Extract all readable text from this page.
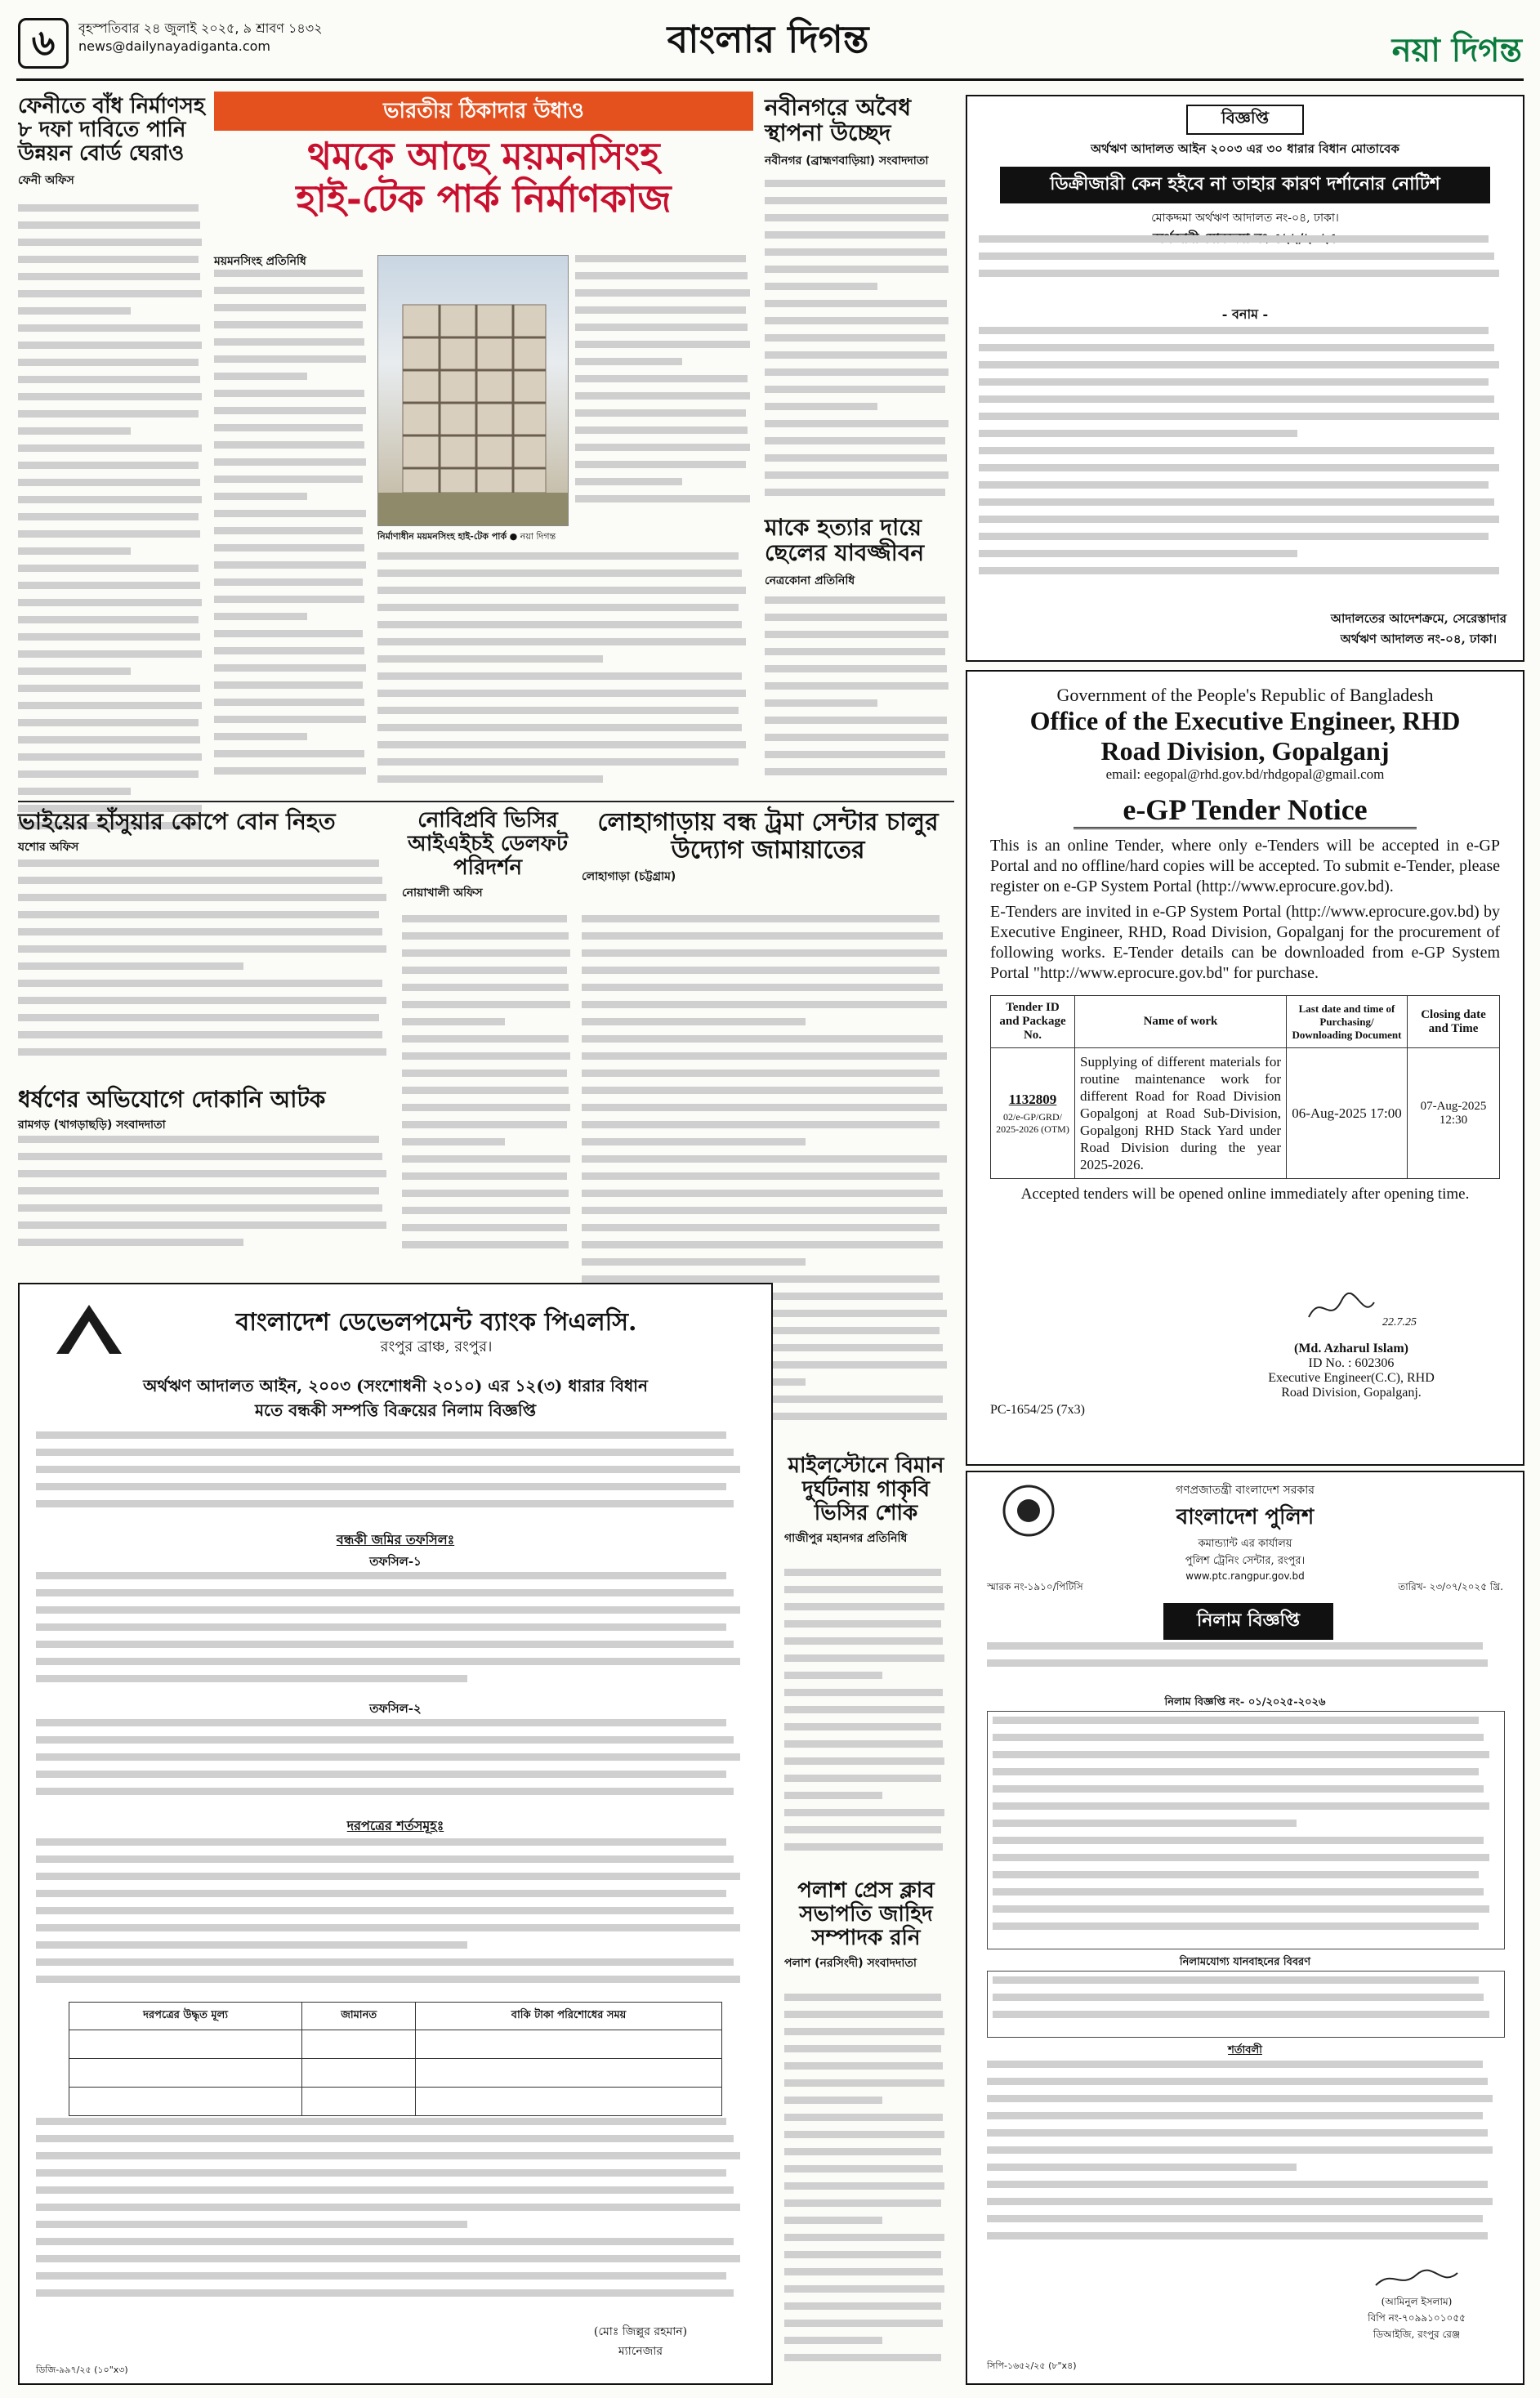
৬	বৃহস্পতিবার ২৪ জুলাই ২০২৫, ৯ শ্রাবণ ১৪৩২
news@dailynayadiganta.com	বাংলার দিগন্ত	নয়া দিগন্ত
ফেনীতে বাঁধ নির্মাণসহ ৮ দফা দাবিতে পানি উন্নয়ন বোর্ড ঘেরাও
ফেনী অফিস
ভারতীয় ঠিকাদার উধাও
থমকে আছে ময়মনসিংহ
হাই-টেক পার্ক নির্মাণকাজ
ময়মনসিংহ প্রতিনিধি
নির্মাণাধীন ময়মনসিংহ হাই-টেক পার্ক ● নয়া দিগন্ত
নবীনগরে অবৈধ স্থাপনা উচ্ছেদ
নবীনগর (ব্রাহ্মণবাড়িয়া) সংবাদদাতা
মাকে হত্যার দায়ে ছেলের যাবজ্জীবন
নেত্রকোনা প্রতিনিধি
বিজ্ঞপ্তি
অর্থঋণ আদালত আইন ২০০৩ এর ৩০ ধারার বিধান মোতাবেক
ডিক্রীজারী কেন হইবে না তাহার কারণ দর্শানোর নোটিশ
মোকদ্দমা অর্থঋণ আদালত নং-০৪, ঢাকা।
- বনাম -
আদালতের আদেশক্রমে, সেরেস্তাদার
অর্থঋণ আদালত নং-০৪, ঢাকা।
ভাইয়ের হাঁসুয়ার কোপে বোন নিহত
যশোর অফিস
নোবিপ্রবি ভিসির আইএইচই ডেলফট পরিদর্শন
নোয়াখালী অফিস
লোহাগাড়ায় বন্ধ ট্রমা সেন্টার চালুর উদ্যোগ জামায়াতের
লোহাগাড়া (চট্টগ্রাম)
ধর্ষণের অভিযোগে দোকানি আটক
রামগড় (খাগড়াছড়ি) সংবাদদাতা
Government of the People's Republic of Bangladesh
Office of the Executive Engineer, RHD
Road Division, Gopalganj
email: eegopal@rhd.gov.bd/rhdgopal@gmail.com
e-GP Tender Notice
This is an online Tender, where only e-Tenders will be accepted in e-GP Portal and no offline/hard copies will be accepted. To submit e-Tender, please register on e-GP System Portal (http://www.eprocure.gov.bd).
E-Tenders are invited in e-GP System Portal (http://www.eprocure.gov.bd) by Executive Engineer, RHD, Road Division, Gopalganj for the procurement of following works. E-Tender details can be downloaded from e-GP System Portal "http://www.eprocure.gov.bd" for purchase.
Tender ID and Package No.	Name of work	Last date and time of Purchasing/ Downloading Document	Closing date and Time

1132809
02/e-GP/GRD/ 2025-2026 (OTM)	Supplying of different materials for routine maintenance work for different Road for Road Division Gopalgonj at Road Sub-Division, Gopalgonj RHD Stack Yard under Road Division during the year 2025-2026.	06-Aug-2025 17:00	07-Aug-2025 12:30
Accepted tenders will be opened online immediately after opening time.
22.7.25
(Md. Azharul Islam)
ID No. : 602306
Executive Engineer(C.C), RHD
Road Division, Gopalganj.
PC-1654/25 (7x3)
বাংলাদেশ ডেভেলপমেন্ট ব্যাংক পিএলসি.
রংপুর ব্রাঞ্চ, রংপুর।
অর্থঋণ আদালত আইন, ২০০৩ (সংশোধনী ২০১০) এর ১২(৩) ধারার বিধান
মতে বন্ধকী সম্পত্তি বিক্রয়ের নিলাম বিজ্ঞপ্তি
বন্ধকী জমির তফসিলঃ
তফসিল-১
তফসিল-২
দরপত্রের শর্তসমূহঃ
দরপত্রের উদ্ধৃত মূল্য	জামানত	বাকি টাকা পরিশোধের সময়

(মোঃ জিল্লুর রহমান)
ম্যানেজার
ডিজি-৯৯৭/২৫ (১০"x৩)
মাইলস্টোনে বিমান দুর্ঘটনায় গাকৃবি ভিসির শোক
গাজীপুর মহানগর প্রতিনিধি
পলাশ প্রেস ক্লাব সভাপতি জাহিদ সম্পাদক রনি
পলাশ (নরসিংদী) সংবাদদাতা
গণপ্রজাতন্ত্রী বাংলাদেশ সরকার
বাংলাদেশ পুলিশ
কমান্ড্যান্ট এর কার্যালয়
পুলিশ ট্রেনিং সেন্টার, রংপুর।
www.ptc.rangpur.gov.bd
স্মারক নং-১৯১০/পিটিসি	তারিখ- ২৩/০৭/২০২৫ খ্রি.
নিলাম বিজ্ঞপ্তি
নিলাম বিজ্ঞপ্তি নং- ০১/২০২৫-২০২৬
নিলামযোগ্য যানবাহনের বিবরণ
শর্তাবলী
(আমিনুল ইসলাম)
বিপি নং-৭০৯৯১০১০৫৫
ডিআইজি, রংপুর রেঞ্জ
সিপি-১৬৫২/২৫ (৮"x৪)
